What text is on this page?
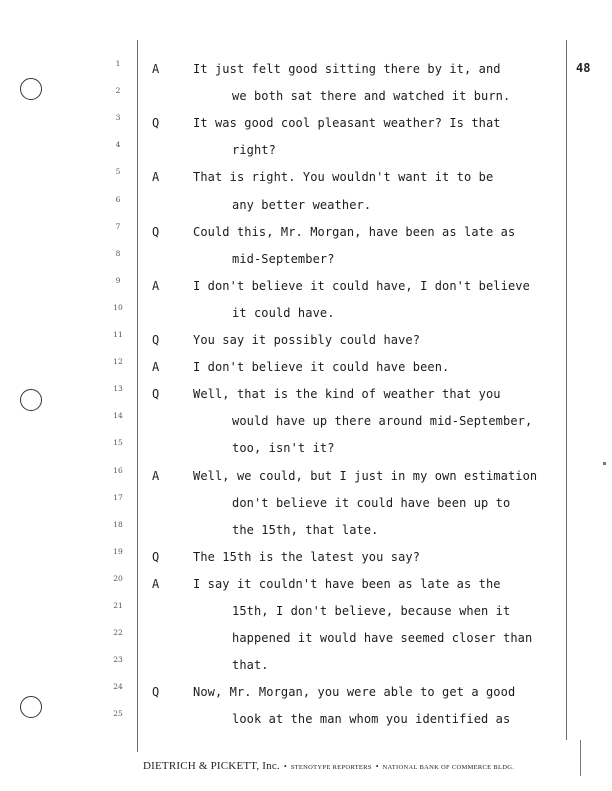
48
1	A	It just felt good sitting there by it, and
2	we both sat there and watched it burn.
3	Q	It was good cool pleasant weather? Is that
4	right?
5	A	That is right. You wouldn't want it to be
6	any better weather.
7	Q	Could this, Mr. Morgan, have been as late as
8	mid-September?
9	A	I don't believe it could have, I don't believe
10	it could have.
11	Q	You say it possibly could have?
12	A	I don't believe it could have been.
13	Q	Well, that is the kind of weather that you
14	would have up there around mid-September,
15	too, isn't it?
16	A	Well, we could, but I just in my own estimation
17	don't believe it could have been up to
18	the 15th, that late.
19	Q	The 15th is the latest you say?
20	A	I say it couldn't have been as late as the
21	15th, I don't believe, because when it
22	happened it would have seemed closer than
23	that.
24	Q	Now, Mr. Morgan, you were able to get a good
25	look at the man whom you identified as
DIETRICH & PICKETT, Inc. • STENOTYPE REPORTERS • NATIONAL BANK OF COMMERCE BLDG.
